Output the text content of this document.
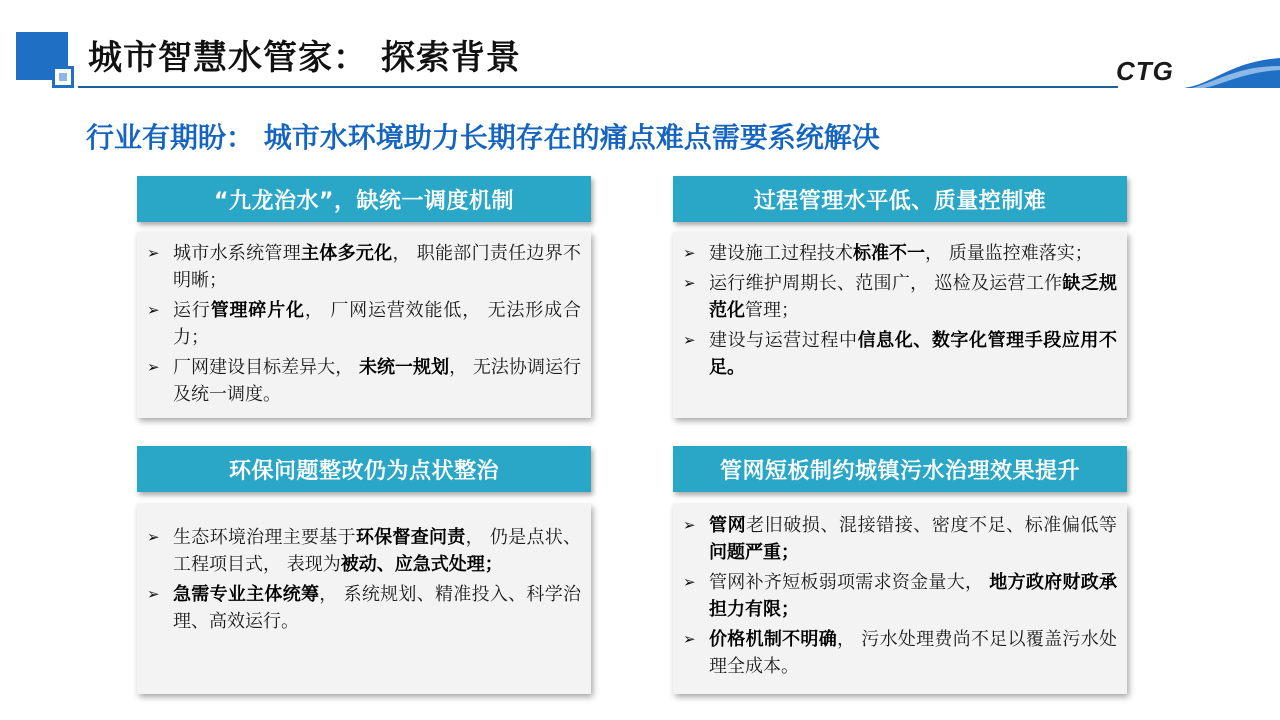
城市智慧水管家： 探索背景	CTG
行业有期盼： 城市水环境助力长期存在的痛点难点需要系统解决
“九龙治水”，缺统一调度机制
➢ 城市水系统管理主体多元化， 职能部门责任边界不明晰；
➢ 运行管理碎片化， 厂网运营效能低， 无法形成合力；
➢ 厂网建设目标差异大， 未统一规划， 无法协调运行及统一调度。
过程管理水平低、质量控制难
➢ 建设施工过程技术标准不一， 质量监控难落实；
➢ 运行维护周期长、范围广， 巡检及运营工作缺乏规范化管理；
➢ 建设与运营过程中信息化、数字化管理手段应用不足。
环保问题整改仍为点状整治
➢ 生态环境治理主要基于环保督查问责， 仍是点状、工程项目式， 表现为被动、应急式处理；
➢ 急需专业主体统筹， 系统规划、精准投入、科学治理、高效运行。
管网短板制约城镇污水治理效果提升
➢ 管网老旧破损、混接错接、密度不足、标准偏低等问题严重；
➢ 管网补齐短板弱项需求资金量大， 地方政府财政承担力有限；
➢ 价格机制不明确， 污水处理费尚不足以覆盖污水处理全成本。
